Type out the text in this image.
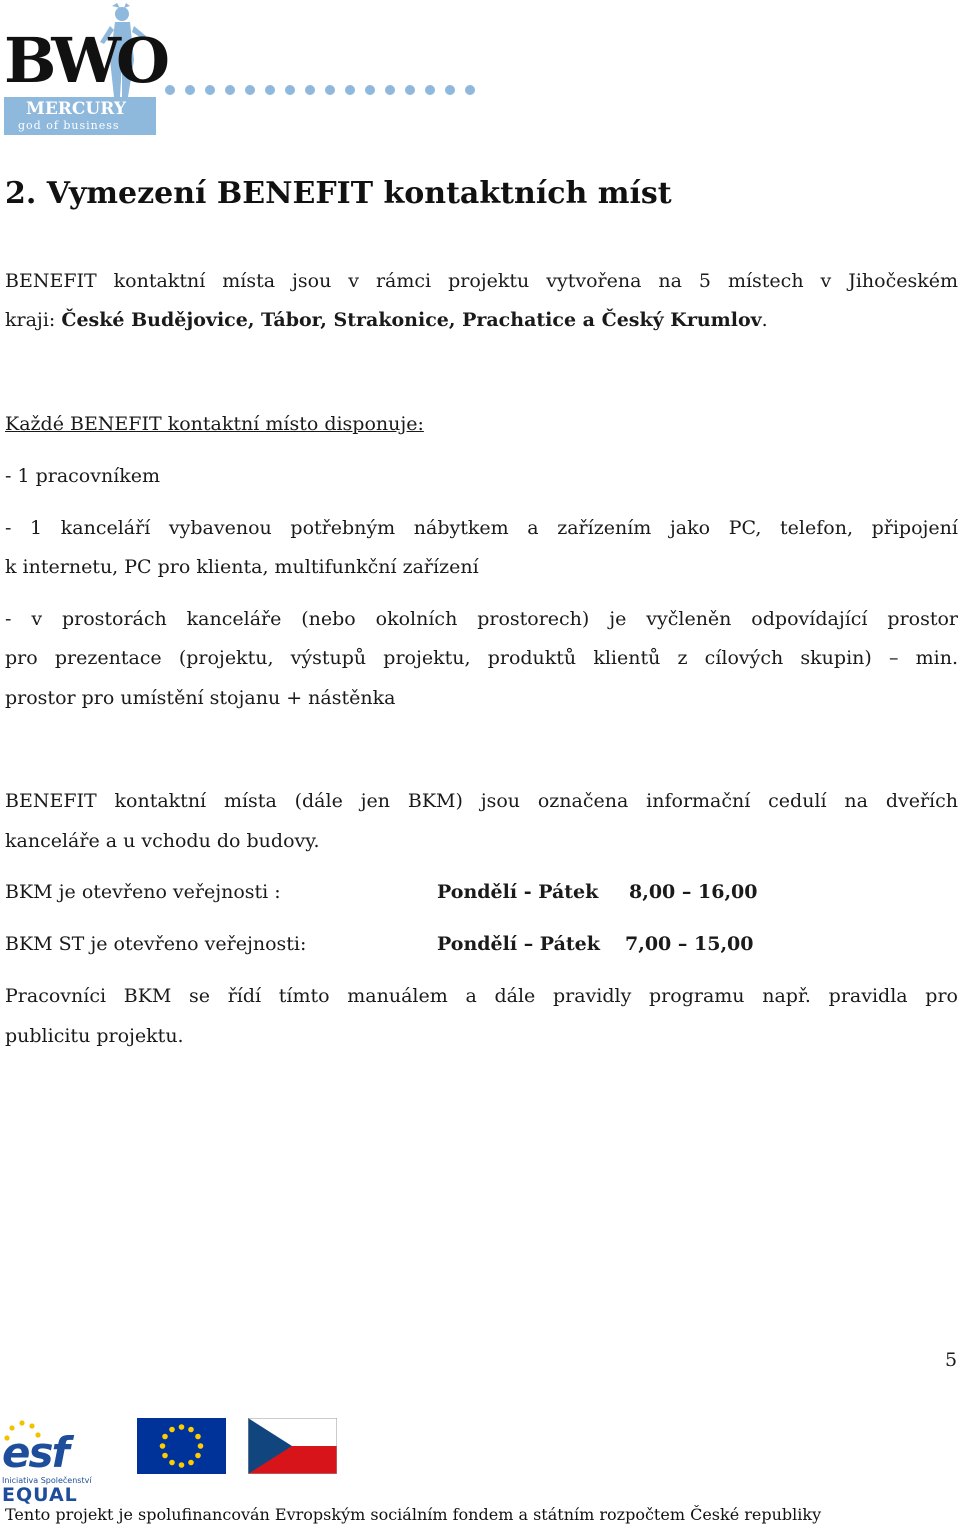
BWO
MERCURY
god of business
2. Vymezení BENEFIT kontaktních míst
BENEFIT kontaktní místa jsou v rámci projektu vytvořena na 5 místech v Jihočeském
kraji: České Budějovice, Tábor, Strakonice, Prachatice a Český Krumlov.
Každé BENEFIT kontaktní místo disponuje:
- 1 pracovníkem
- 1 kanceláří vybavenou potřebným nábytkem a zařízením jako PC, telefon, připojení
k internetu, PC pro klienta, multifunkční zařízení
- v prostorách kanceláře (nebo okolních prostorech) je vyčleněn odpovídající prostor
pro prezentace (projektu, výstupů projektu, produktů klientů z cílových skupin) – min.
prostor pro umístění stojanu + nástěnka
BENEFIT kontaktní místa (dále jen BKM) jsou označena informační cedulí na dveřích
kanceláře a u vchodu do budovy.
BKM je otevřeno veřejnosti :	Pondělí - Pátek 8,00 – 16,00
BKM ST je otevřeno veřejnosti:	Pondělí – Pátek 7,00 – 15,00
Pracovníci BKM se řídí tímto manuálem a dále pravidly programu např. pravidla pro
publicitu projektu.
5
esf
Iniciativa Společenství
EQUAL
Tento projekt je spolufinancován Evropským sociálním fondem a státním rozpočtem České republiky
